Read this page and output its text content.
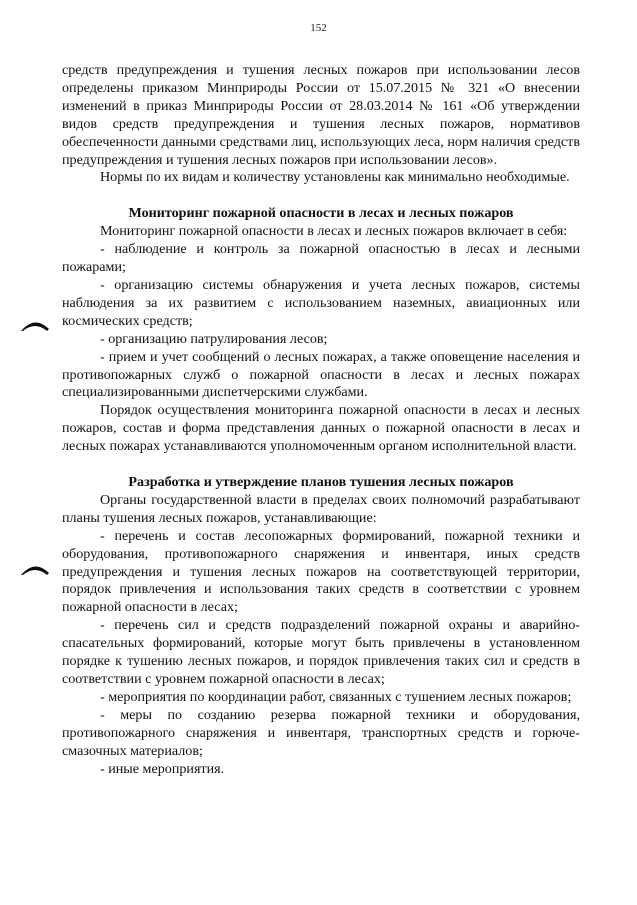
152

средств предупреждения и тушения лесных пожаров при использовании лесов определены приказом Минприроды России от 15.07.2015 № 321 «О внесении изменений в приказ Минприроды России от 28.03.2014 № 161 «Об утверждении видов средств предупреждения и тушения лесных пожаров, нормативов обеспеченности данными средствами лиц, использующих леса, норм наличия средств предупреждения и тушения лесных пожаров при использовании лесов».

Нормы по их видам и количеству установлены как минимально необходимые.

Мониторинг пожарной опасности в лесах и лесных пожаров

Мониторинг пожарной опасности в лесах и лесных пожаров включает в себя:

- наблюдение и контроль за пожарной опасностью в лесах и лесными пожарами;

- организацию системы обнаружения и учета лесных пожаров, системы наблюдения за их развитием с использованием наземных, авиационных или космических средств;

- организацию патрулирования лесов;

- прием и учет сообщений о лесных пожарах, а также оповещение населения и противопожарных служб о пожарной опасности в лесах и лесных пожарах специализированными диспетчерскими службами.

Порядок осуществления мониторинга пожарной опасности в лесах и лесных пожаров, состав и форма представления данных о пожарной опасности в лесах и лесных пожарах устанавливаются уполномоченным органом исполнительной власти.

Разработка и утверждение планов тушения лесных пожаров

Органы государственной власти в пределах своих полномочий разрабатывают планы тушения лесных пожаров, устанавливающие:

- перечень и состав лесопожарных формирований, пожарной техники и оборудования, противопожарного снаряжения и инвентаря, иных средств предупреждения и тушения лесных пожаров на соответствующей территории, порядок привлечения и использования таких средств в соответствии с уровнем пожарной опасности в лесах;

- перечень сил и средств подразделений пожарной охраны и аварийно-спасательных формирований, которые могут быть привлечены в установленном порядке к тушению лесных пожаров, и порядок привлечения таких сил и средств в соответствии с уровнем пожарной опасности в лесах;

- мероприятия по координации работ, связанных с тушением лесных пожаров;

- меры по созданию резерва пожарной техники и оборудования, противопожарного снаряжения и инвентаря, транспортных средств и горюче-смазочных материалов;

- иные мероприятия.
